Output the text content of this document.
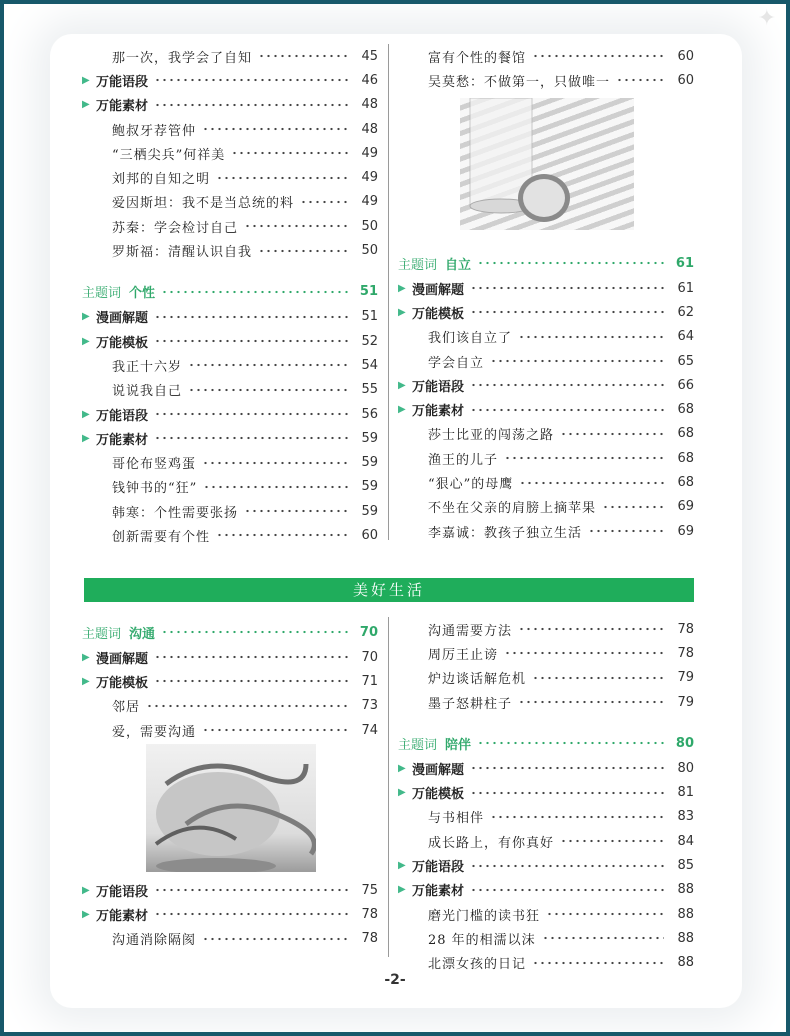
✦
那一次，我学会了自知	45
▶ 万能语段	46
▶ 万能素材	48
鲍叔牙荐管仲	48
“三栖尖兵”何祥美	49
刘邦的自知之明	49
爱因斯坦：我不是当总统的料	49
苏秦：学会检讨自己	50
罗斯福：清醒认识自我	50
主题词 个性	51
▶ 漫画解题	51
▶ 万能模板	52
我正十六岁	54
说说我自己	55
▶ 万能语段	56
▶ 万能素材	59
哥伦布竖鸡蛋	59
钱钟书的“狂”	59
韩寒：个性需要张扬	59
创新需要有个性	60
富有个性的餐馆	60
吴莫愁：不做第一，只做唯一	60
主题词 自立	61
▶ 漫画解题	61
▶ 万能模板	62
我们该自立了	64
学会自立	65
▶ 万能语段	66
▶ 万能素材	68
莎士比亚的闯荡之路	68
渔王的儿子	68
“狠心”的母鹰	68
不坐在父亲的肩膀上摘苹果	69
李嘉诚：教孩子独立生活	69
美好生活
主题词 沟通	70
▶ 漫画解题	70
▶ 万能模板	71
邻居	73
爱，需要沟通	74
▶ 万能语段	75
▶ 万能素材	78
沟通消除隔阂	78
沟通需要方法	78
周厉王止谤	78
炉边谈话解危机	79
墨子怒耕柱子	79
主题词 陪伴	80
▶ 漫画解题	80
▶ 万能模板	81
与书相伴	83
成长路上，有你真好	84
▶ 万能语段	85
▶ 万能素材	88
磨光门槛的读书狂	88
28 年的相濡以沫	88
北漂女孩的日记	88
-2-
